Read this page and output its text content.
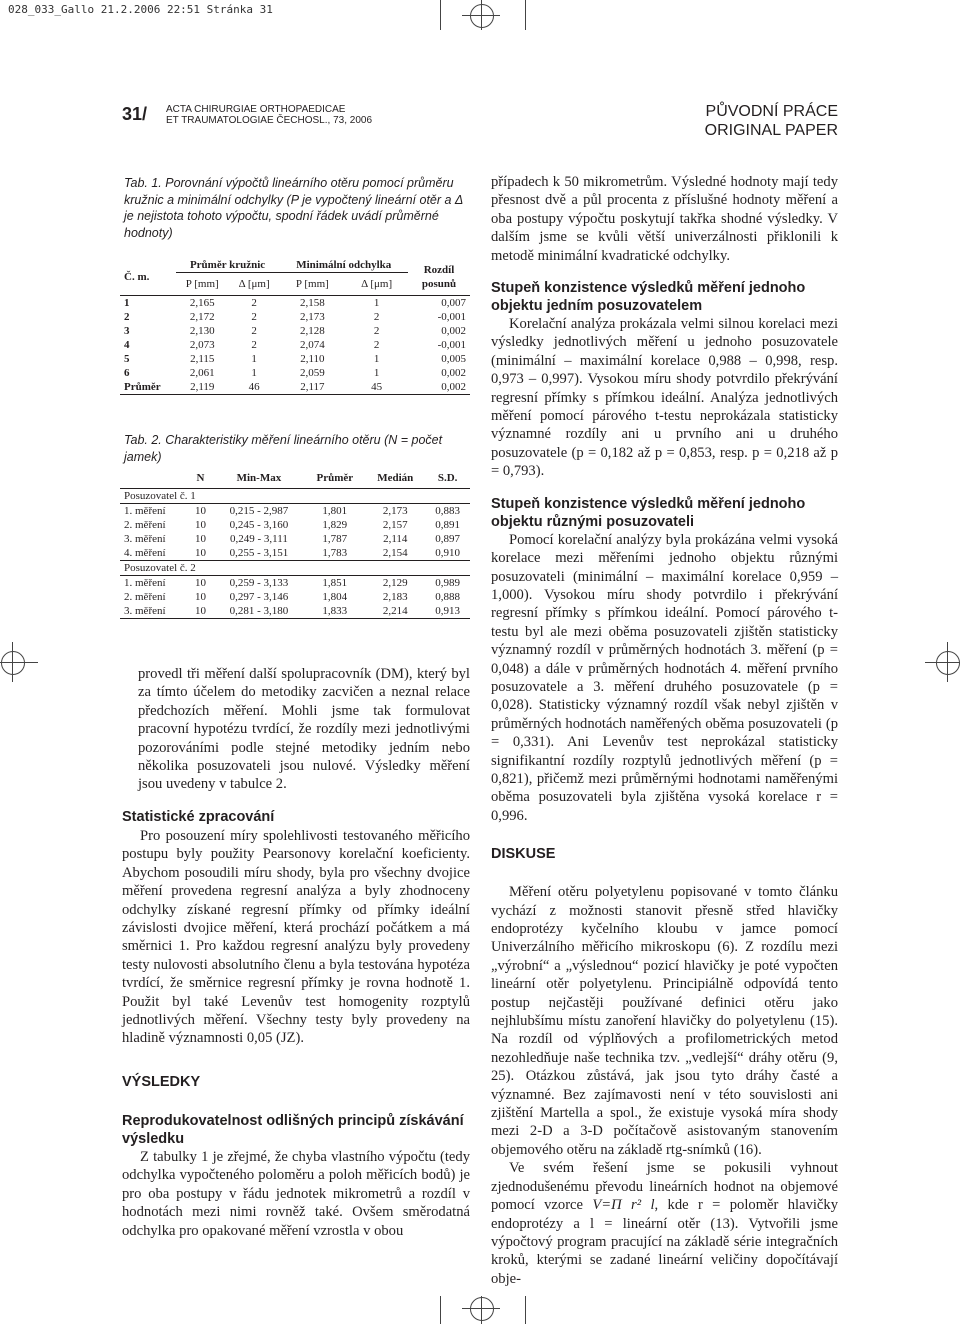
028_033_Gallo 21.2.2006 22:51 Stránka 31
31/ ACTA CHIRURGIAE ORTHOPAEDICAE
ET TRAUMATOLOGIAE ČECHOSL., 73, 2006
PŮVODNÍ PRÁCE
ORIGINAL PAPER
Tab. 1. Porovnání výpočtů lineárního otěru pomocí průměru kružnic a minimální odchylky (P je vypočtený lineární otěr a Δ je nejistota tohoto výpočtu, spodní řádek uvádí průměrné hodnoty)
Č. m.	Průměr kružnic		Minimální odchylka		Rozdíl posunů
	P [mm]	Δ [μm]	P [mm]	Δ [μm]	
1	2,165	2	2,158	1	0,007
2	2,172	2	2,173	2	-0,001
3	2,130	2	2,128	2	0,002
4	2,073	2	2,074	2	-0,001
5	2,115	1	2,110	1	0,005
6	2,061	1	2,059	1	0,002
Průměr	2,119	46	2,117	45	0,002
Tab. 2. Charakteristiky měření lineárního otěru (N = počet jamek)
	N	Min-Max	Průměr	Medián	S.D.
Posuzovatel č. 1					
1. měření	10	0,215 - 2,987	1,801	2,173	0,883
2. měření	10	0,245 - 3,160	1,829	2,157	0,891
3. měření	10	0,249 - 3,111	1,787	2,114	0,897
4. měření	10	0,255 - 3,151	1,783	2,154	0,910
Posuzovatel č. 2					
1. měření	10	0,259 - 3,133	1,851	2,129	0,989
2. měření	10	0,297 - 3,146	1,804	2,183	0,888
3. měření	10	0,281 - 3,180	1,833	2,214	0,913

provedl tři měření další spolupracovník (DM), který byl za tímto účelem do metodiky zacvičen a neznal relace předchozích měření. Mohli jsme tak formulovat pracovní hypotézu tvrdící, že rozdíly mezi jednotlivými pozorováními podle stejné metodiky jedním nebo několika posuzovateli jsou nulové. Výsledky měření jsou uvedeny v tabulce 2.

Statistické zpracování

Pro posouzení míry spolehlivosti testovaného měřicího postupu byly použity Pearsonovy korelační koeficienty. Abychom posoudili míru shody, byla pro všechny dvojice měření provedena regresní analýza a byly zhodnoceny odchylky získané regresní přímky od přímky ideální závislosti dvojice měření, která prochází počátkem a má směrnici 1. Pro každou regresní analýzu byly provedeny testy nulovosti absolutního členu a byla testována hypotéza tvrdící, že směrnice regresní přímky je rovna hodnotě 1. Použit byl také Levenův test homogenity rozptylů jednotlivých měření. Všechny testy byly provedeny na hladině významnosti 0,05 (JZ).

VÝSLEDKY
Reprodukovatelnost odlišných principů získávání výsledku

Z tabulky 1 je zřejmé, že chyba vlastního výpočtu (tedy odchylka vypočteného poloměru a poloh měřicích bodů) je pro oba postupy v řádu jednotek mikrometrů a rozdíl v hodnotách mezi nimi rovněž také. Ovšem směrodatná odchylka pro opakované měření vzrostla v obou

případech k 50 mikrometrům. Výsledné hodnoty mají tedy přesnost dvě a půl procenta z příslušné hodnoty měření a oba postupy výpočtu poskytují takřka shodné výsledky. V dalším jsme se kvůli větší univerzálnosti přiklonili k metodě minimální kvadratické odchylky.

Stupeň konzistence výsledků měření jednoho objektu jedním posuzovatelem

Korelační analýza prokázala velmi silnou korelaci mezi výsledky jednotlivých měření u jednoho posuzovatele (minimální – maximální korelace 0,988 – 0,998, resp. 0,973 – 0,997). Vysokou míru shody potvrdilo překrývání regresní přímky s přímkou ideální. Analýza jednotlivých měření pomocí párového t-testu neprokázala statisticky významné rozdíly ani u prvního ani u druhého posuzovatele (p = 0,182 až p = 0,853, resp. p = 0,218 až p = 0,793).

Stupeň konzistence výsledků měření jednoho objektu různými posuzovateli

Pomocí korelační analýzy byla prokázána velmi vysoká korelace mezi měřeními jednoho objektu různými posuzovateli (minimální – maximální korelace 0,959 – 1,000). Vysokou míru shody potvrdilo i překrývání regresní přímky s přímkou ideální. Pomocí párového t-testu byl ale mezi oběma posuzovateli zjištěn statisticky významný rozdíl v průměrných hodnotách 3. měření (p = 0,048) a dále v průměrných hodnotách 4. měření prvního posuzovatele a 3. měření druhého posuzovatele (p = 0,028). Statisticky významný rozdíl však nebyl zjištěn v průměrných hodnotách naměřených oběma posuzovateli (p = 0,331). Ani Levenův test neprokázal statisticky signifikantní rozdíly rozptylů jednotlivých měření (p = 0,821), přičemž mezi průměrnými hodnotami naměřenými oběma posuzovateli byla zjištěna vysoká korelace r = 0,996.

DISKUSE

Měření otěru polyetylenu popisované v tomto článku vychází z možnosti stanovit přesně střed hlavičky endoprotézy kyčelního kloubu v jamce pomocí Univerzálního měřicího mikroskopu (6). Z rozdílu mezi „výrobní“ a „výslednou“ pozicí hlavičky je poté vypočten lineární otěr polyetylenu. Principiálně odpovídá tento postup nejčastěji používané definici otěru jako nejhlubšímu místu zanoření hlavičky do polyetylenu (15). Na rozdíl od výplňových a profilometrických metod nezohledňuje naše technika tzv. „vedlejší“ dráhy otěru (9, 25). Otázkou zůstává, jak jsou tyto dráhy časté a významné. Bez zajímavosti není v této souvislosti ani zjištění Martella a spol., že existuje vysoká míra shody mezi 2-D a 3-D počítačově asistovaným stanovením objemového otěru na základě rtg-snímků (16).

Ve svém řešení jsme se pokusili vyhnout zjednodušenému převodu lineárních hodnot na objemové pomocí vzorce V=Π r² l, kde r = poloměr hlavičky endoprotézy a l = lineární otěr (13). Vytvořili jsme výpočtový program pracující na základě série integračních kroků, kterými se zadané lineární veličiny dopočítávají obje-
